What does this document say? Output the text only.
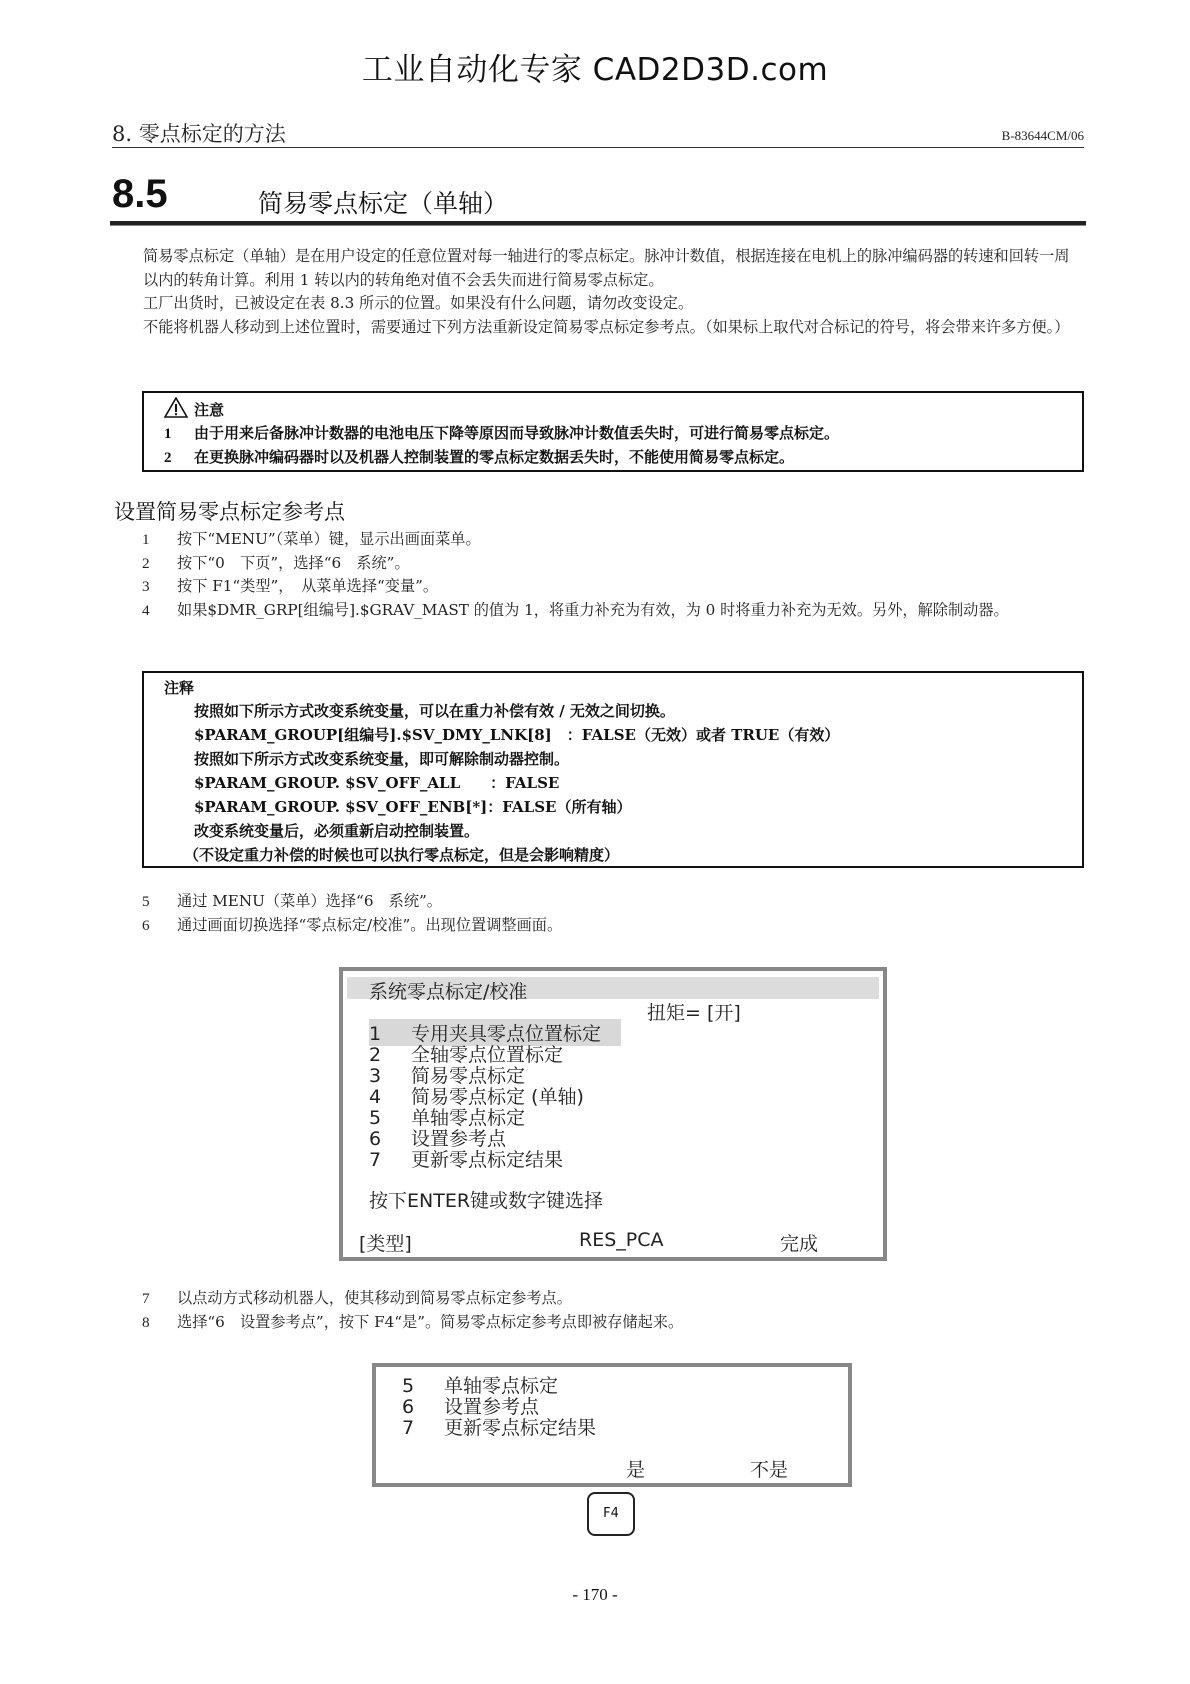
工业自动化专家 CAD2D3D.com
8. 零点标定的方法	B-83644CM/06
8.5	简易零点标定（单轴）

简易零点标定（单轴）是在用户设定的任意位置对每一轴进行的零点标定。脉冲计数值，根据连接在电机上的脉冲编码器的转速和回转一周以内的转角计算。利用 1 转以内的转角绝对值不会丢失而进行简易零点标定。

工厂出货时，已被设定在表 8.3 所示的位置。如果没有什么问题，请勿改变设定。

不能将机器人移动到上述位置时，需要通过下列方法重新设定简易零点标定参考点。（如果标上取代对合标记的符号，将会带来许多方便。）

注意
1 由于用来后备脉冲计数器的电池电压下降等原因而导致脉冲计数值丢失时，可进行简易零点标定。
2 在更换脉冲编码器时以及机器人控制装置的零点标定数据丢失时，不能使用简易零点标定。
设置简易零点标定参考点
1	按下“MENU”（菜单）键，显示出画面菜单。
2	按下“0　下页”，选择“6　系统”。
3	按下 F1“类型”，　从菜单选择“变量”。
4	如果$DMR_GRP[组编号].$GRAV_MAST 的值为 1，将重力补充为有效，为 0 时将重力补充为无效。另外，解除制动器。
注释
按照如下所示方式改变系统变量，可以在重力补偿有效 / 无效之间切换。
$PARAM_GROUP[组编号].$SV_DMY_LNK[8]　：FALSE（无效）或者 TRUE（有效）
按照如下所示方式改变系统变量，即可解除制动器控制。
$PARAM_GROUP. $SV_OFF_ALL　　：FALSE
$PARAM_GROUP. $SV_OFF_ENB[*]：FALSE（所有轴）
改变系统变量后，必须重新启动控制装置。
（不设定重力补偿的时候也可以执行零点标定，但是会影响精度）
5	通过 MENU（菜单）选择“6　系统”。
6	通过画面切换选择“零点标定/校准”。出现位置调整画面。
系统零点标定/校准
扭矩= [开]
1 专用夹具零点位置标定
2 全轴零点位置标定
3 简易零点标定
4 简易零点标定 (单轴)
5 单轴零点标定
6 设置参考点
7 更新零点标定结果
按下ENTER键或数字键选择
[类型]	RES_PCA	完成
7	以点动方式移动机器人，使其移动到简易零点标定参考点。
8	选择“6　设置参考点”，按下 F4“是”。简易零点标定参考点即被存储起来。
5 单轴零点标定
6 设置参考点
7 更新零点标定结果
是	不是
F4
- 170 -
